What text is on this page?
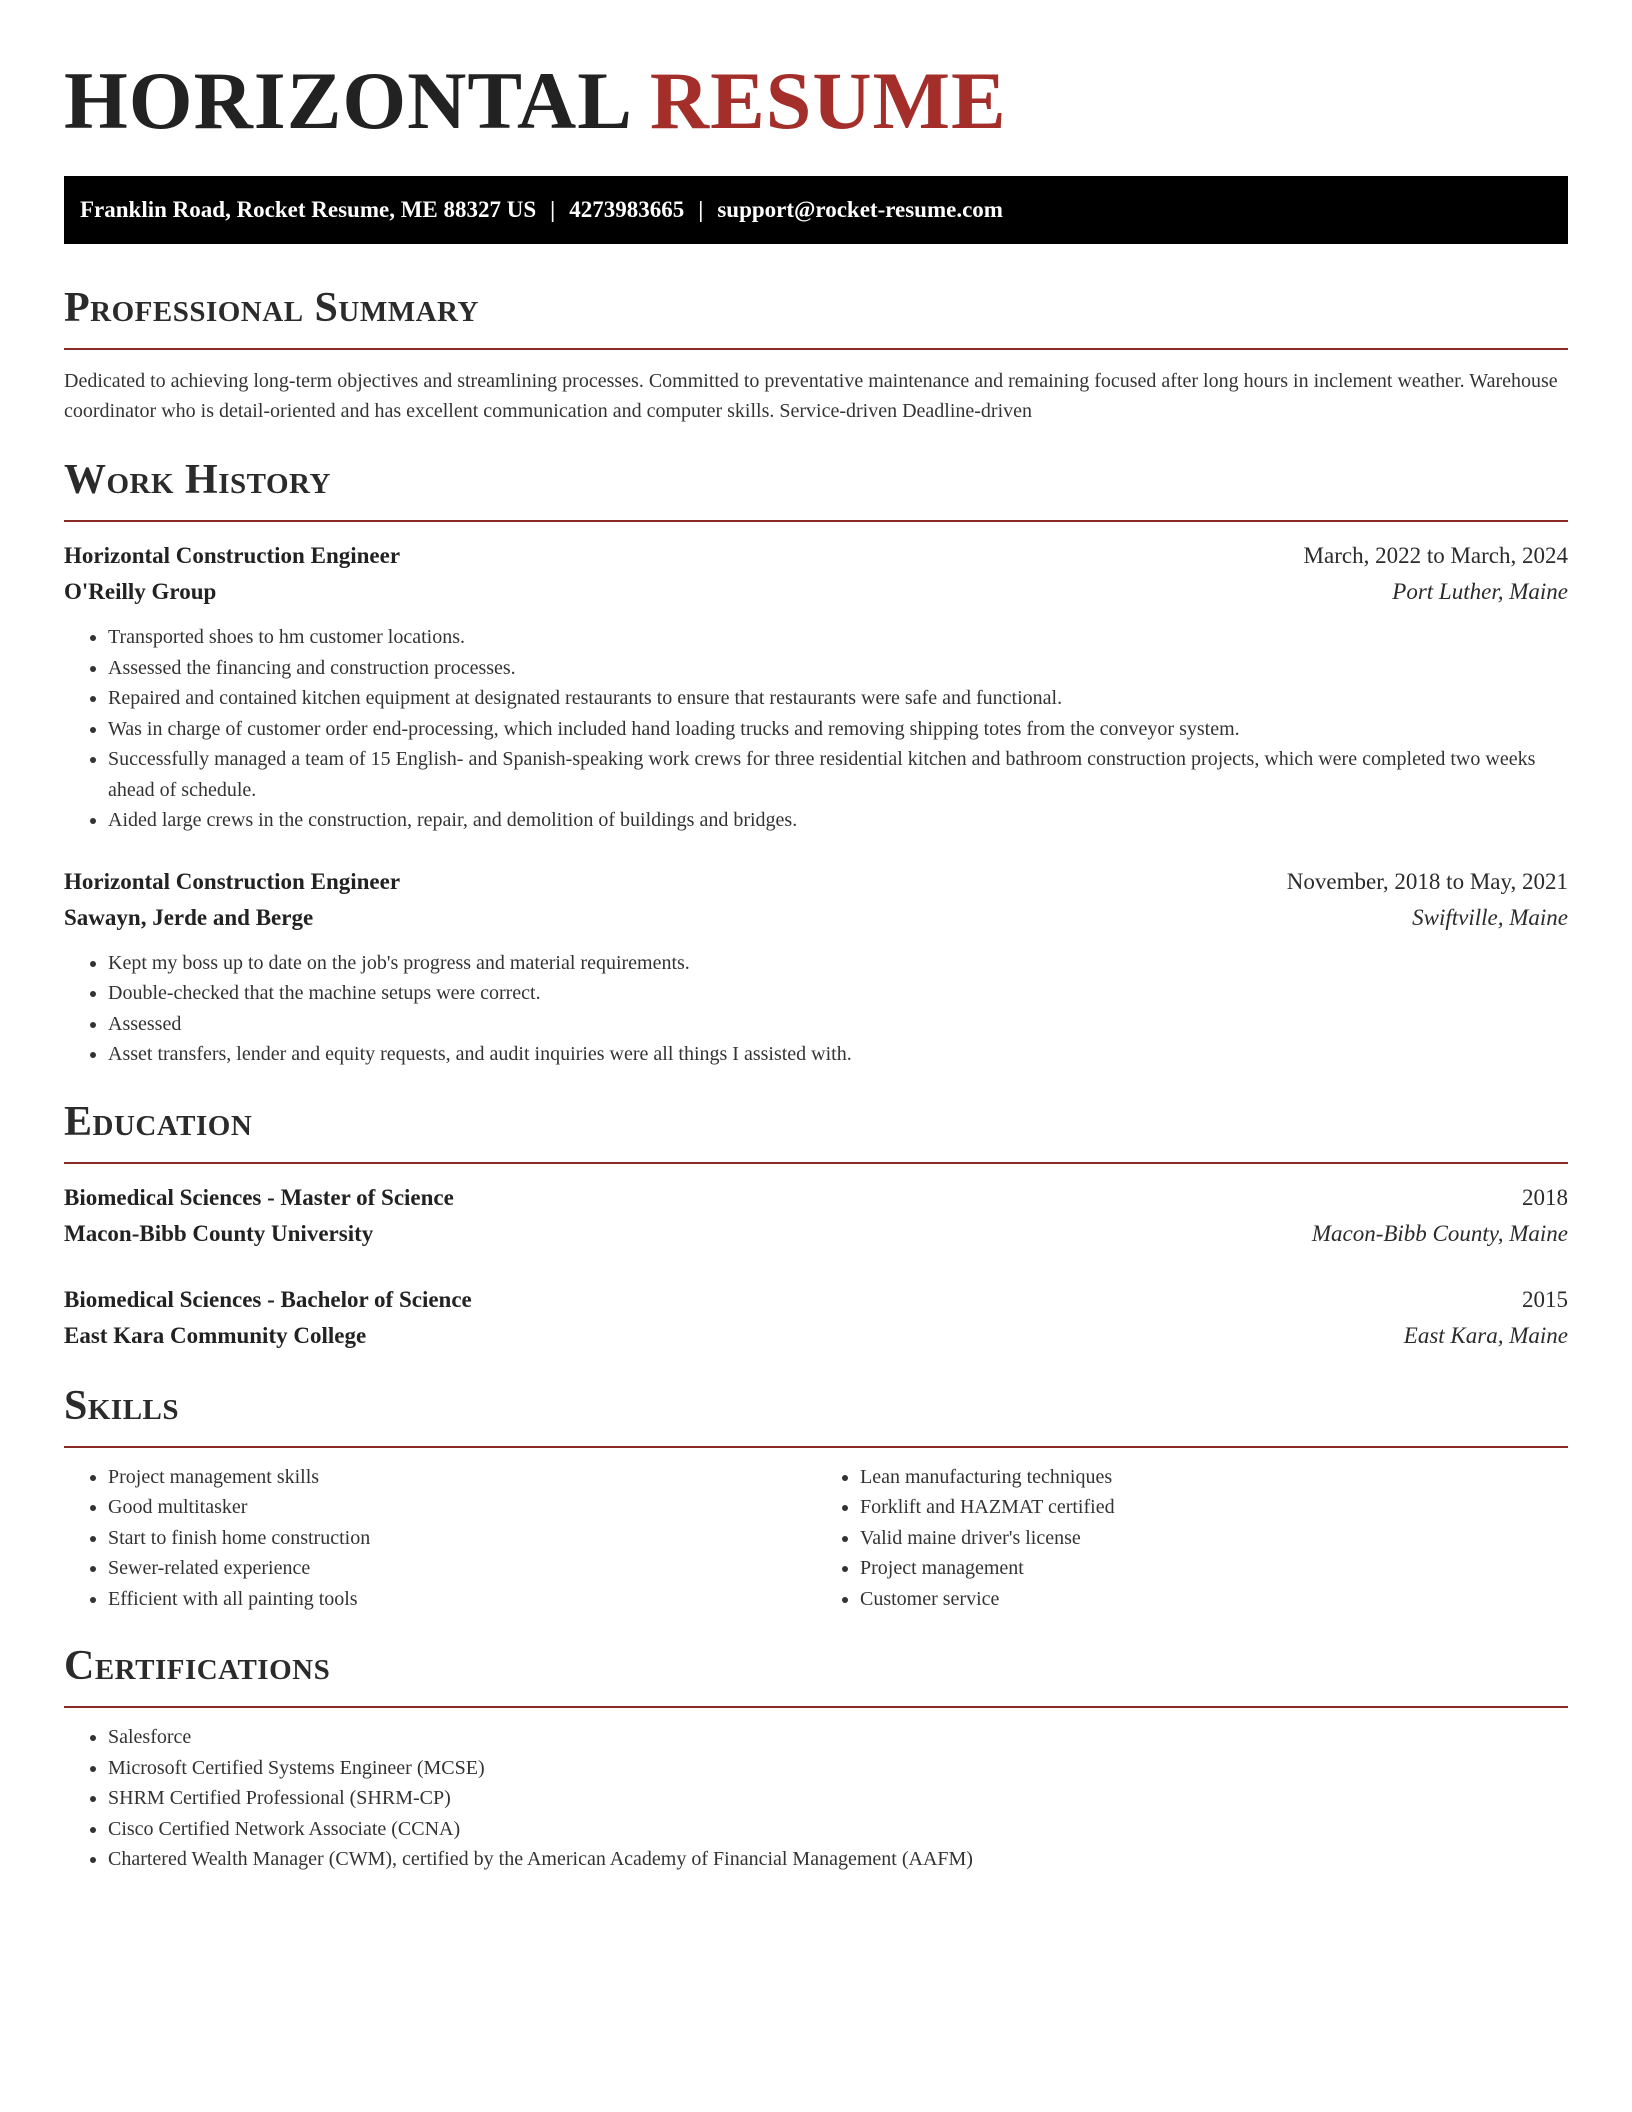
HORIZONTAL RESUME
Franklin Road, Rocket Resume, ME 88327 US | 4273983665 | support@rocket-resume.com
Professional Summary

Dedicated to achieving long-term objectives and streamlining processes. Committed to preventative maintenance and remaining focused after long hours in inclement weather. Warehouse coordinator who is detail-oriented and has excellent communication and computer skills. Service-driven Deadline-driven

Work History
Horizontal Construction Engineer	March, 2022 to March, 2024
O'Reilly Group	Port Luther, Maine
• Transported shoes to hm customer locations.
• Assessed the financing and construction processes.
• Repaired and contained kitchen equipment at designated restaurants to ensure that restaurants were safe and functional.
• Was in charge of customer order end-processing, which included hand loading trucks and removing shipping totes from the conveyor system.
• Successfully managed a team of 15 English- and Spanish-speaking work crews for three residential kitchen and bathroom construction projects, which were completed two weeks ahead of schedule.
• Aided large crews in the construction, repair, and demolition of buildings and bridges.
Horizontal Construction Engineer	November, 2018 to May, 2021
Sawayn, Jerde and Berge	Swiftville, Maine
• Kept my boss up to date on the job's progress and material requirements.
• Double-checked that the machine setups were correct.
• Assessed
• Asset transfers, lender and equity requests, and audit inquiries were all things I assisted with.
Education
Biomedical Sciences - Master of Science	2018
Macon-Bibb County University	Macon-Bibb County, Maine
Biomedical Sciences - Bachelor of Science	2015
East Kara Community College	East Kara, Maine
Skills
• Project management skills
• Good multitasker
• Start to finish home construction
• Sewer-related experience
• Efficient with all painting tools
• Lean manufacturing techniques
• Forklift and HAZMAT certified
• Valid maine driver's license
• Project management
• Customer service
Certifications
• Salesforce
• Microsoft Certified Systems Engineer (MCSE)
• SHRM Certified Professional (SHRM-CP)
• Cisco Certified Network Associate (CCNA)
• Chartered Wealth Manager (CWM), certified by the American Academy of Financial Management (AAFM)
